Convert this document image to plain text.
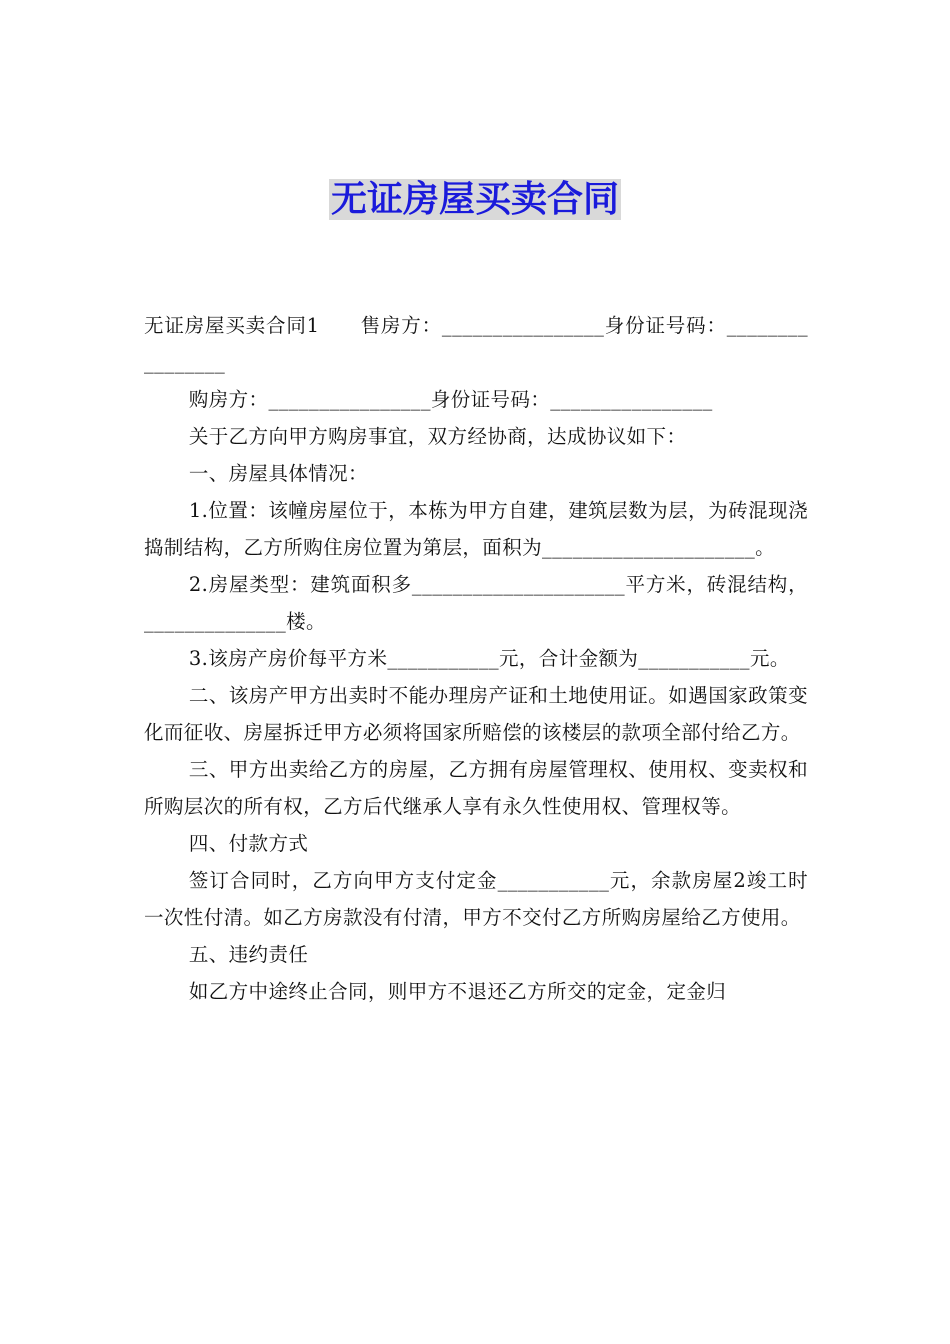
无证房屋买卖合同

无证房屋买卖合同1　　售房方：________________身份证号码：________________

购房方：________________身份证号码：________________

关于乙方向甲方购房事宜，双方经协商，达成协议如下：

一、房屋具体情况：

1.位置：该幢房屋位于，本栋为甲方自建，建筑层数为层，为砖混现浇捣制结构，乙方所购住房位置为第层，面积为_____________________。

2.房屋类型：建筑面积多_____________________平方米，砖混结构，______________楼。

3.该房产房价每平方米___________元，合计金额为___________元。

二、该房产甲方出卖时不能办理房产证和土地使用证。如遇国家政策变化而征收、房屋拆迁甲方必须将国家所赔偿的该楼层的款项全部付给乙方。

三、甲方出卖给乙方的房屋，乙方拥有房屋管理权、使用权、变卖权和所购层次的所有权，乙方后代继承人享有永久性使用权、管理权等。

四、付款方式

签订合同时，乙方向甲方支付定金___________元，余款房屋2竣工时一次性付清。如乙方房款没有付清，甲方不交付乙方所购房屋给乙方使用。

五、违约责任

如乙方中途终止合同，则甲方不退还乙方所交的定金，定金归
